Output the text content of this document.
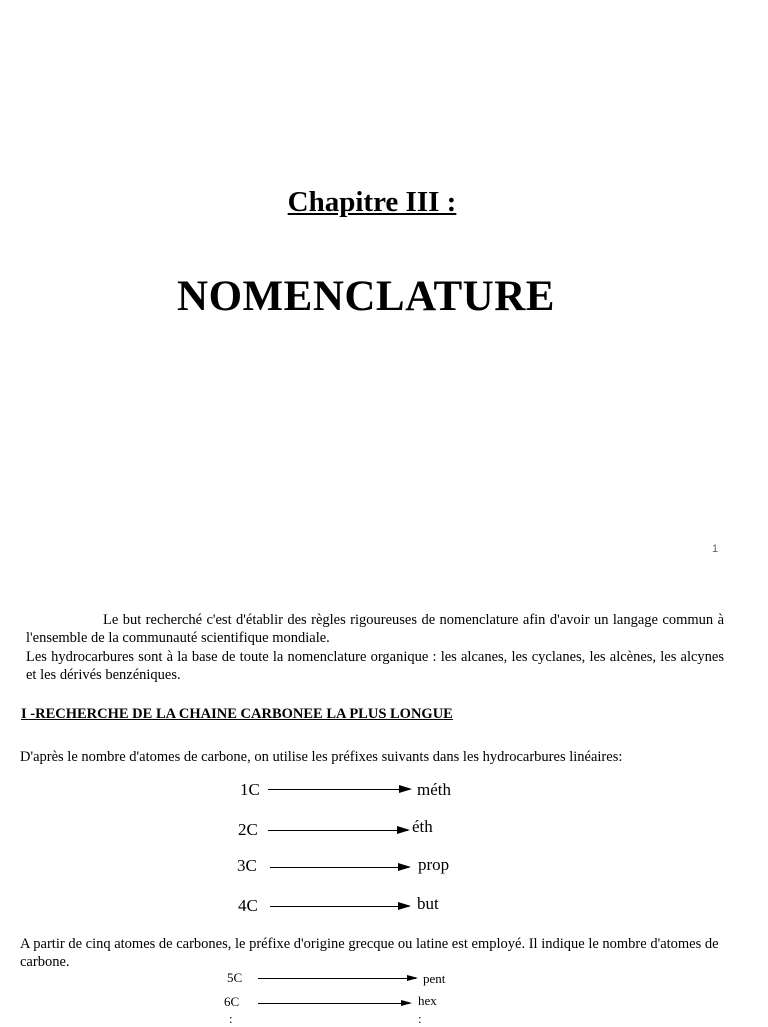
Chapitre III :
NOMENCLATURE
1
Le but recherché c'est d'établir des règles rigoureuses de nomenclature afin d'avoir un langage commun à l'ensemble de la communauté scientifique mondiale.
Les hydrocarbures sont à la base de toute la nomenclature organique : les alcanes, les cyclanes, les alcènes, les alcynes et les dérivés benzéniques.
I -RECHERCHE DE LA CHAINE CARBONEE LA PLUS LONGUE
D'après le nombre d'atomes de carbone, on utilise les préfixes suivants dans les hydrocarbures linéaires:
1C	méth
2C	éth
3C	prop
4C	but
A partir de cinq atomes de carbones, le préfixe d'origine grecque ou latine est employé. Il indique le nombre d'atomes de carbone.
5C	pent
6C	hex
:	:
